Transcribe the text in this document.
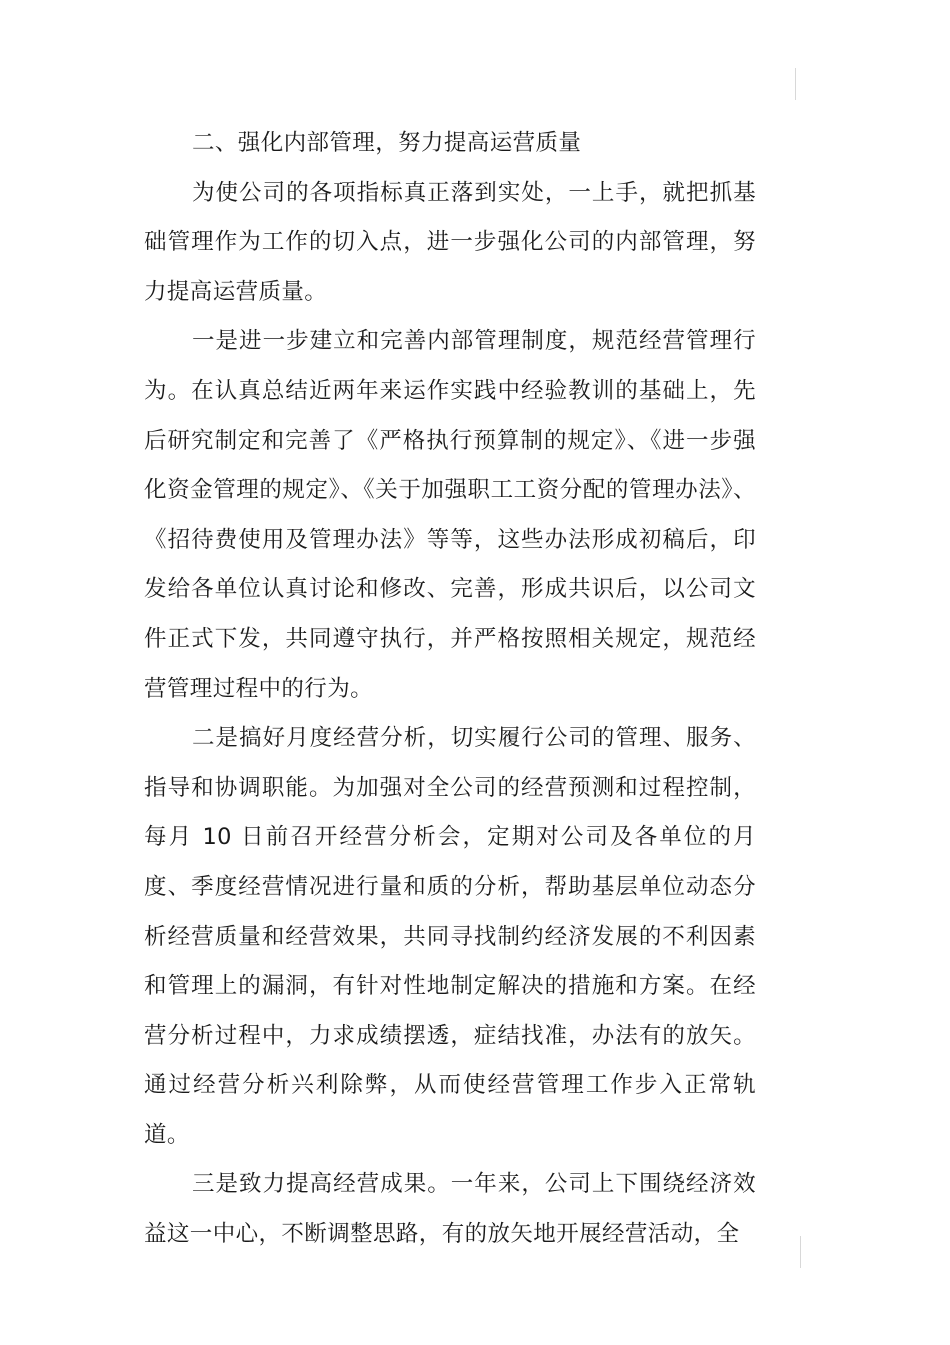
二、强化内部管理，努力提高运营质量

为使公司的各项指标真正落到实处，一上手，就把抓基础管理作为工作的切入点，进一步强化公司的内部管理，努力提高运营质量。

一是进一步建立和完善内部管理制度，规范经营管理行为。在认真总结近两年来运作实践中经验教训的基础上，先后研究制定和完善了《严格执行预算制的规定》、《进一步强化资金管理的规定》、《关于加强职工工资分配的管理办法》、《招待费使用及管理办法》等等，这些办法形成初稿后，印发给各单位认真讨论和修改、完善，形成共识后，以公司文件正式下发，共同遵守执行，并严格按照相关规定，规范经营管理过程中的行为。

二是搞好月度经营分析，切实履行公司的管理、服务、指导和协调职能。为加强对全公司的经营预测和过程控制，每月 10 日前召开经营分析会，定期对公司及各单位的月度、季度经营情况进行量和质的分析，帮助基层单位动态分析经营质量和经营效果，共同寻找制约经济发展的不利因素和管理上的漏洞，有针对性地制定解决的措施和方案。在经营分析过程中，力求成绩摆透，症结找准，办法有的放矢。通过经营分析兴利除弊，从而使经营管理工作步入正常轨道。

三是致力提高经营成果。一年来，公司上下围绕经济效益这一中心，不断调整思路，有的放矢地开展经营活动，全
